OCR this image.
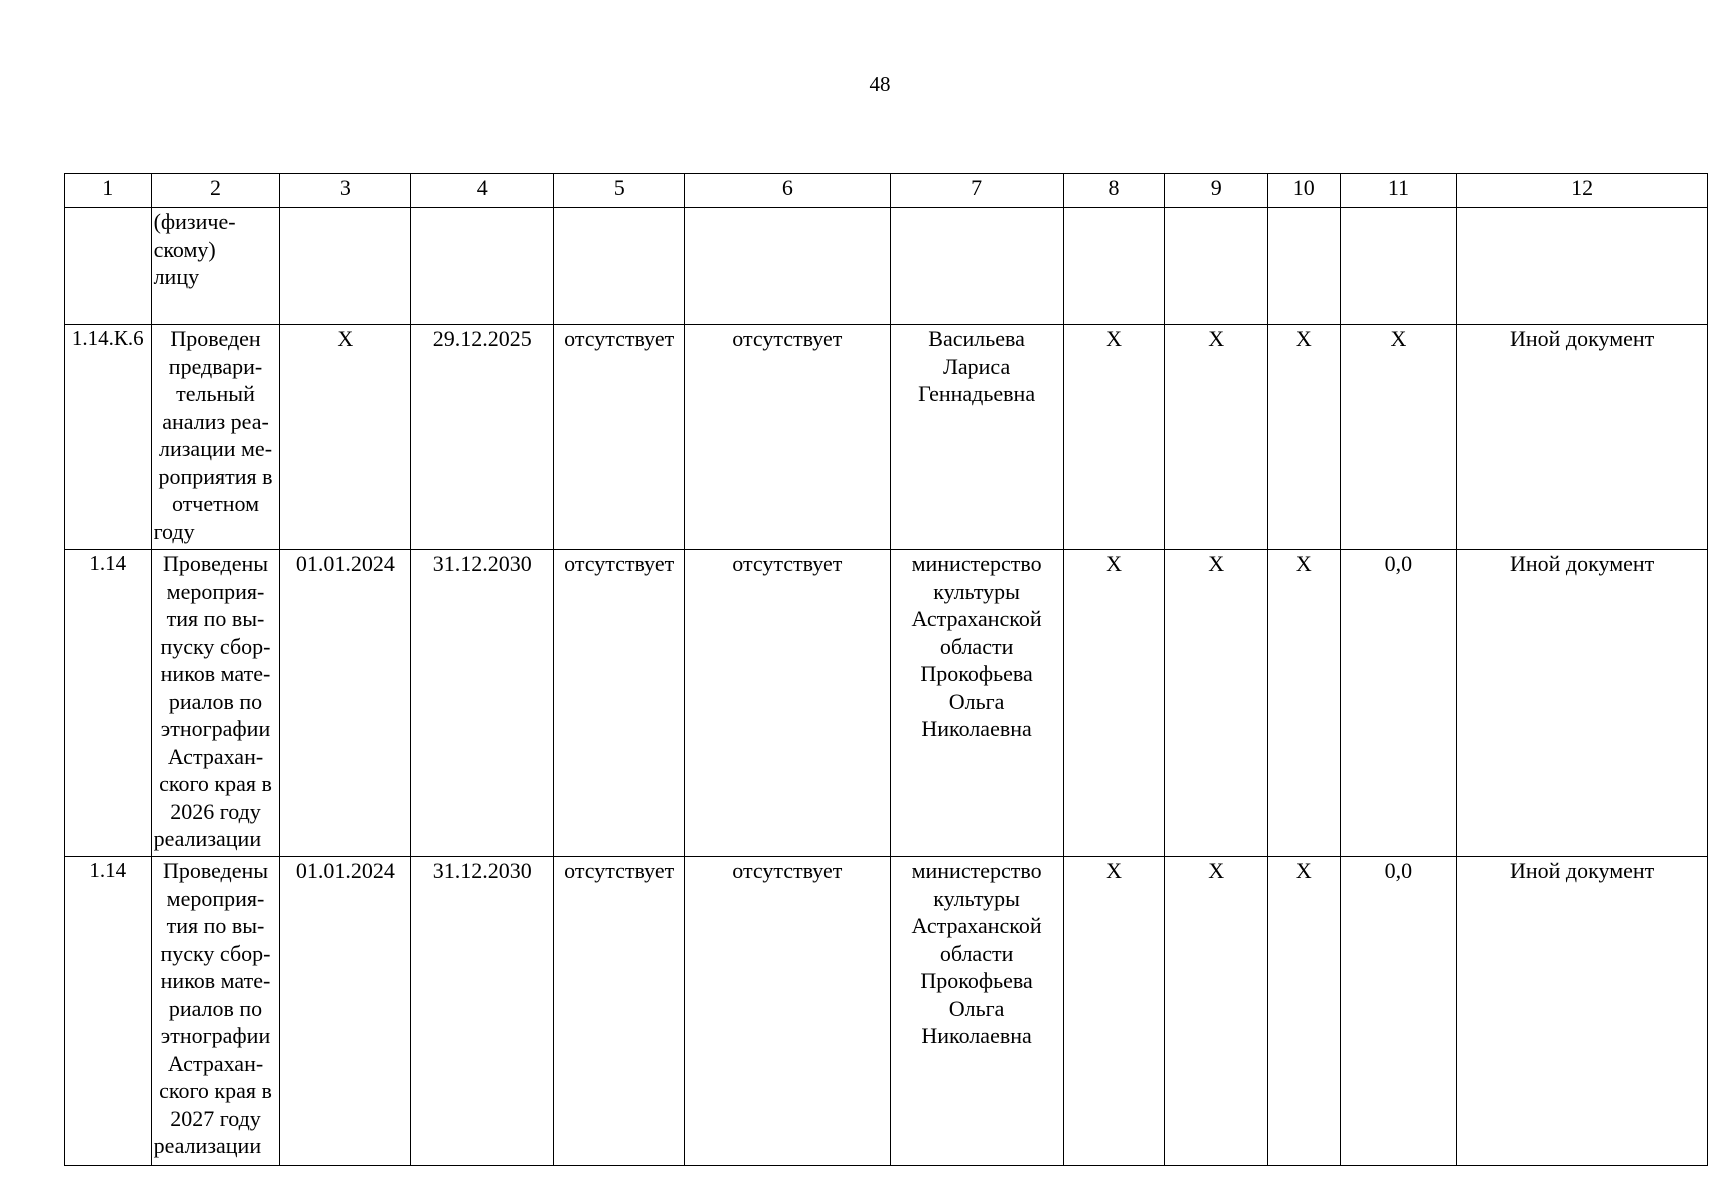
48
1	2	3	4	5	6	7	8	9	10	11	12

	(физиче-
скому)
лицу										

1.14.К.6	Проведен предвари-тельный анализ реа-лизации ме-роприятия в отчетном году	X	29.12.2025	отсутствует	отсутствует	Васильева Лариса Геннадьевна	X	X	X	X	Иной документ
1.14	Проведены мероприя-тия по вы-пуску сбор-ников мате-риалов по этнографии Астрахан-ского края в 2026 году реализации	01.01.2024	31.12.2030	отсутствует	отсутствует	министерство культуры Астраханской области Прокофьева Ольга Николаевна	X	X	X	0,0	Иной документ
1.14	Проведены мероприя-тия по вы-пуску сбор-ников мате-риалов по этнографии Астрахан-ского края в 2027 году реализации	01.01.2024	31.12.2030	отсутствует	отсутствует	министерство культуры Астраханской области Прокофьева Ольга Николаевна	X	X	X	0,0	Иной документ
